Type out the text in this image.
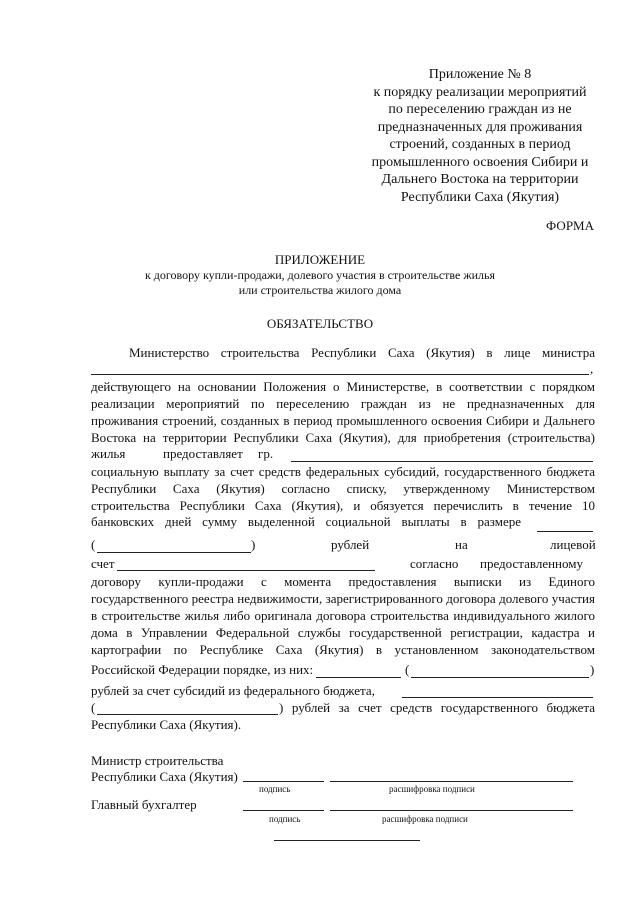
Приложение № 8
к порядку реализации мероприятий
по переселению граждан из не
предназначенных для проживания
строений, созданных в период
промышленного освоения Сибири и
Дальнего Востока на территории
Республики Саха (Якутия)
ФОРМА
ПРИЛОЖЕНИЕ
к договору купли-продажи, долевого участия в строительстве жилья
или строительства жилого дома
ОБЯЗАТЕЛЬСТВО
Министерство строительства Республики Саха (Якутия) в лице министра
,
действующего на основании Положения о Министерстве, в соответствии с порядком
реализации мероприятий по переселению граждан из не предназначенных для
проживания строений, созданных в период промышленного освоения Сибири и Дальнего
Востока на территории Республики Саха (Якутия), для приобретения (строительства)
жилья	предоставляет гр.
социальную выплату за счет средств федеральных субсидий, государственного бюджета
Республики Саха (Якутия) согласно списку, утвержденному Министерством
строительства Республики Саха (Якутия), и обязуется перечислить в течение 10
банковских дней сумму выделенной социальной выплаты в размере
(	)	рублей	на	лицевой
счет	согласно предоставленному
договору купли-продажи с момента предоставления выписки из Единого
государственного реестра недвижимости, зарегистрированного договора долевого участия
в строительстве жилья либо оригинала договора строительства индивидуального жилого
дома в Управлении Федеральной службы государственной регистрации, кадастра и
картографии по Республике Саха (Якутия) в установленном законодательством
Российской Федерации порядке, из них:	(	)
рублей за счет субсидий из федерального бюджета,
(	) рублей за счет средств государственного бюджета
Республики Саха (Якутия).
Министр строительства
Республики Саха (Якутия)
подпись	расшифровка подписи
Главный бухгалтер
подпись	расшифровка подписи
